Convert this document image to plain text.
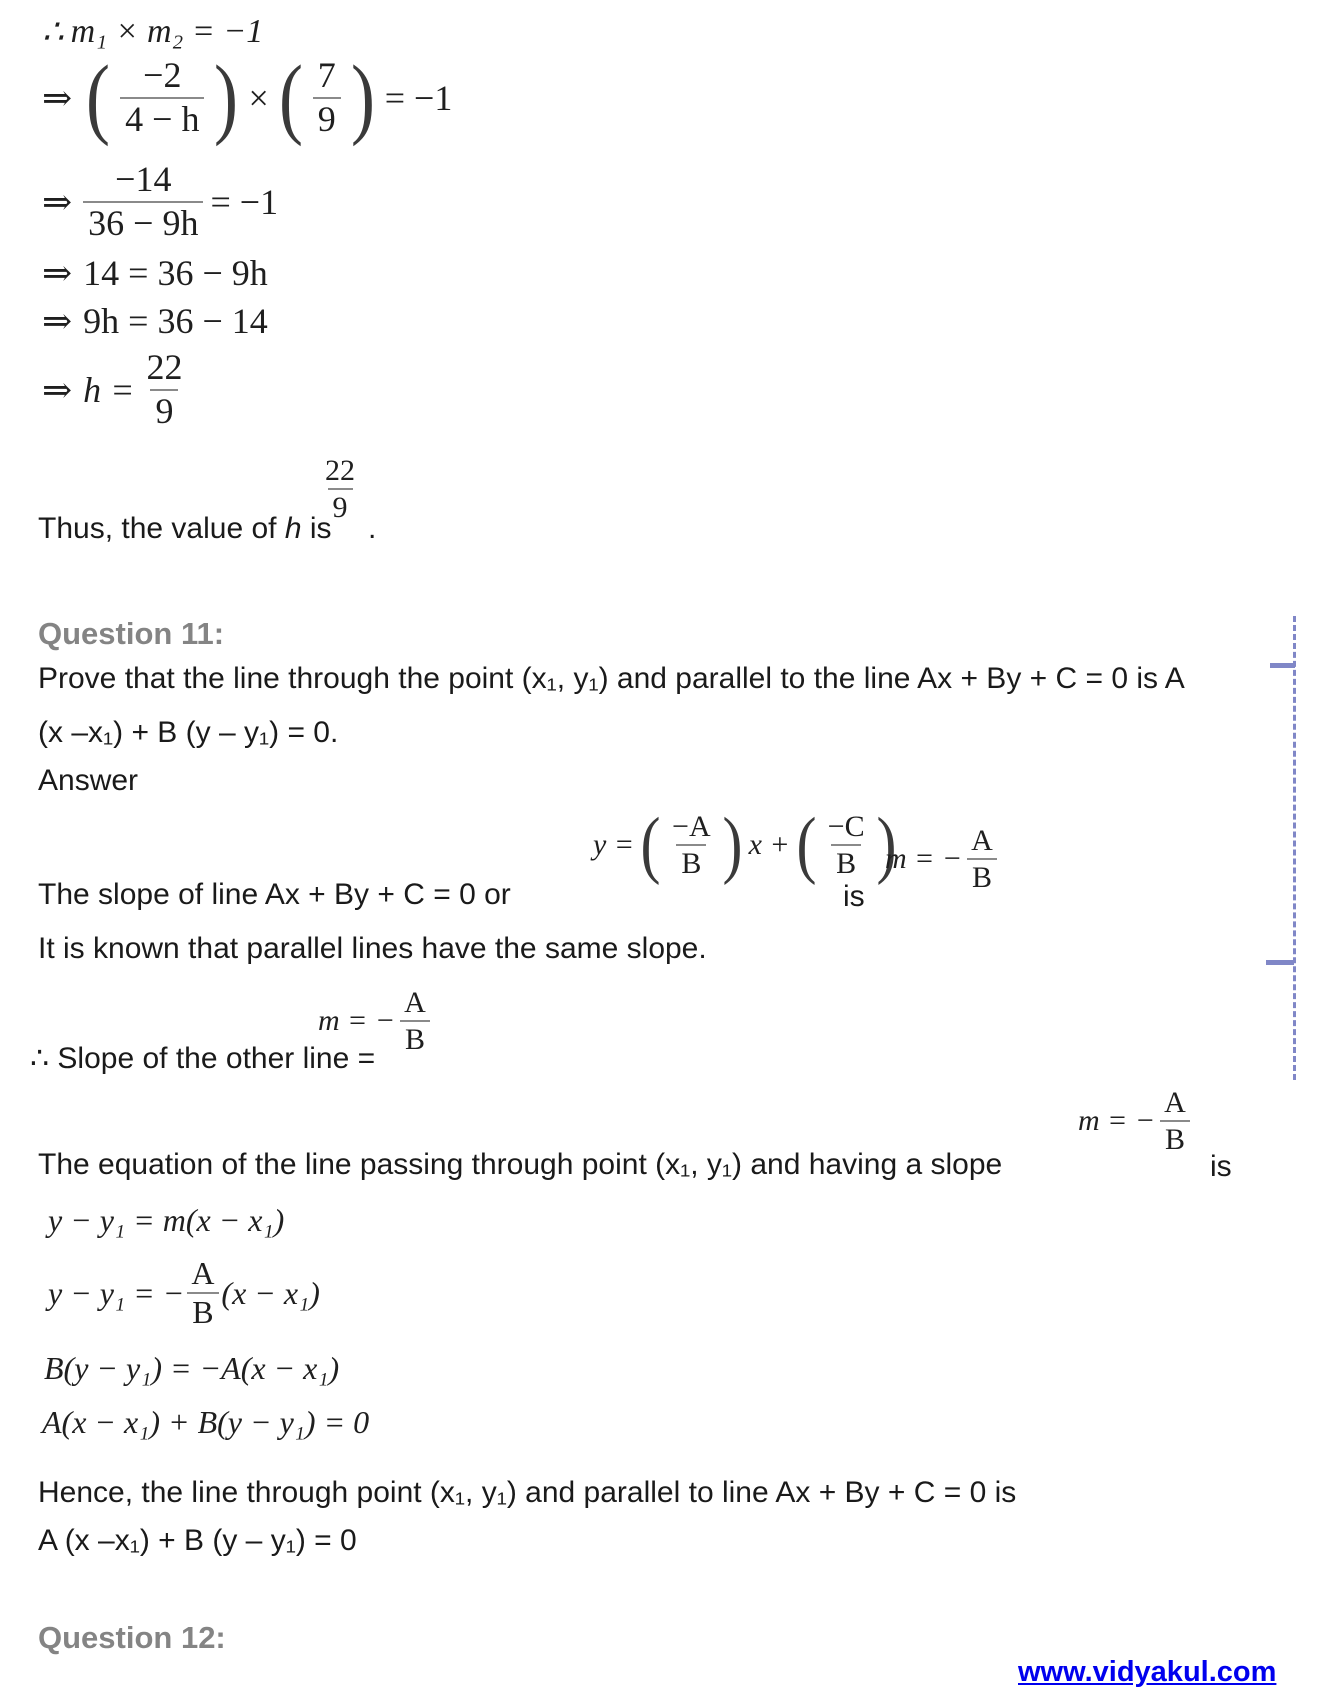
∴ m₁ × m₂ = −1
⇒ ( $\frac{-2}{4 - h}$ ) × ( $\frac{7}{9}$ ) = −1
⇒ $\frac{-14}{36 - 9h} = -1$
⇒ 14 = 36 − 9h
⇒ 9h = 36 − 14
⇒ $h = \frac{22}{9}$
$\frac{22}{9}$
Thus, the value of h is .
Question 11:
Prove that the line through the point (x₁, y₁) and parallel to the line Ax + By + C = 0 is A
(x –x₁) + B (y – y₁) = 0.
Answer
The slope of line Ax + By + C = 0 or
y = ( $\frac{-A}{B}$ ) x + ( $\frac{-C}{B}$ )
is
m = − $\frac{A}{B}$
It is known that parallel lines have the same slope.
m = − $\frac{A}{B}$
∴ Slope of the other line =
The equation of the line passing through point (x₁, y₁) and having a slope
m = − $\frac{A}{B}$
is
y − y₁ = m(x − x₁)
y − y₁ = − $\frac{A}{B} (x - x_1)$
B(y − y₁) = −A(x − x₁)
A(x − x₁) + B(y − y₁) = 0
Hence, the line through point (x₁, y₁) and parallel to line Ax + By + C = 0 is
A (x –x₁) + B (y – y₁) = 0
Question 12:
www.vidyakul.com
